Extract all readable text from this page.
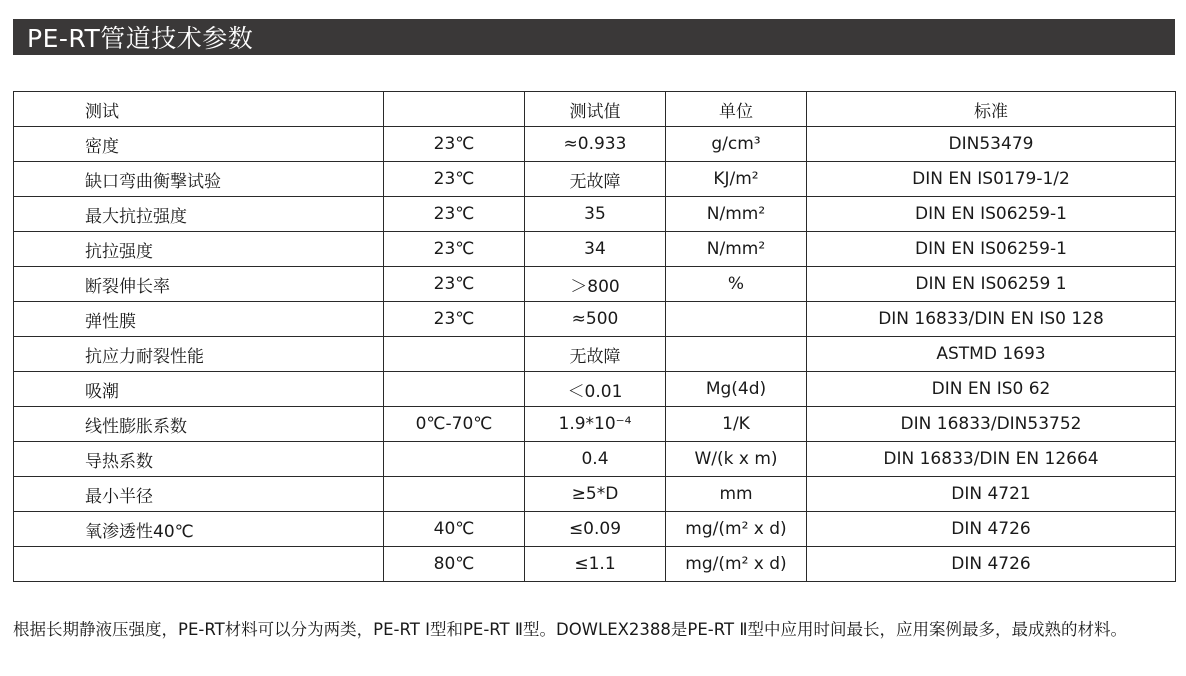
PE-RT管道技术参数
测试		测试值	单位	标准
密度	23℃	≈0.933	g/cm³	DIN53479
缺口弯曲衡撃试验	23℃	无故障	KJ/m²	DIN EN IS0179-1/2
最大抗拉强度	23℃	35	N/mm²	DIN EN IS06259-1
抗拉强度	23℃	34	N/mm²	DIN EN IS06259-1
断裂伸长率	23℃	＞800	%	DIN EN IS06259 1
弹性膜	23℃	≈500		DIN 16833/DIN EN IS0 128
抗应力耐裂性能		无故障		ASTMD 1693
吸潮		＜0.01	Mg(4d)	DIN EN IS0 62
线性膨胀系数	0℃-70℃	1.9*10⁻⁴	1/K	DIN 16833/DIN53752
导热系数		0.4	W/(k x m)	DIN 16833/DIN EN 12664
最小半径		≥5*D	mm	DIN 4721
氧渗透性40℃	40℃	≤0.09	mg/(m² x d)	DIN 4726
	80℃	≤1.1	mg/(m² x d)	DIN 4726
根据长期静液压强度，PE-RT材料可以分为两类，PE-RT Ⅰ型和PE-RT Ⅱ型。DOWLEX2388是PE-RT Ⅱ型中应用时间最长，应用案例最多，最成熟的材料。
